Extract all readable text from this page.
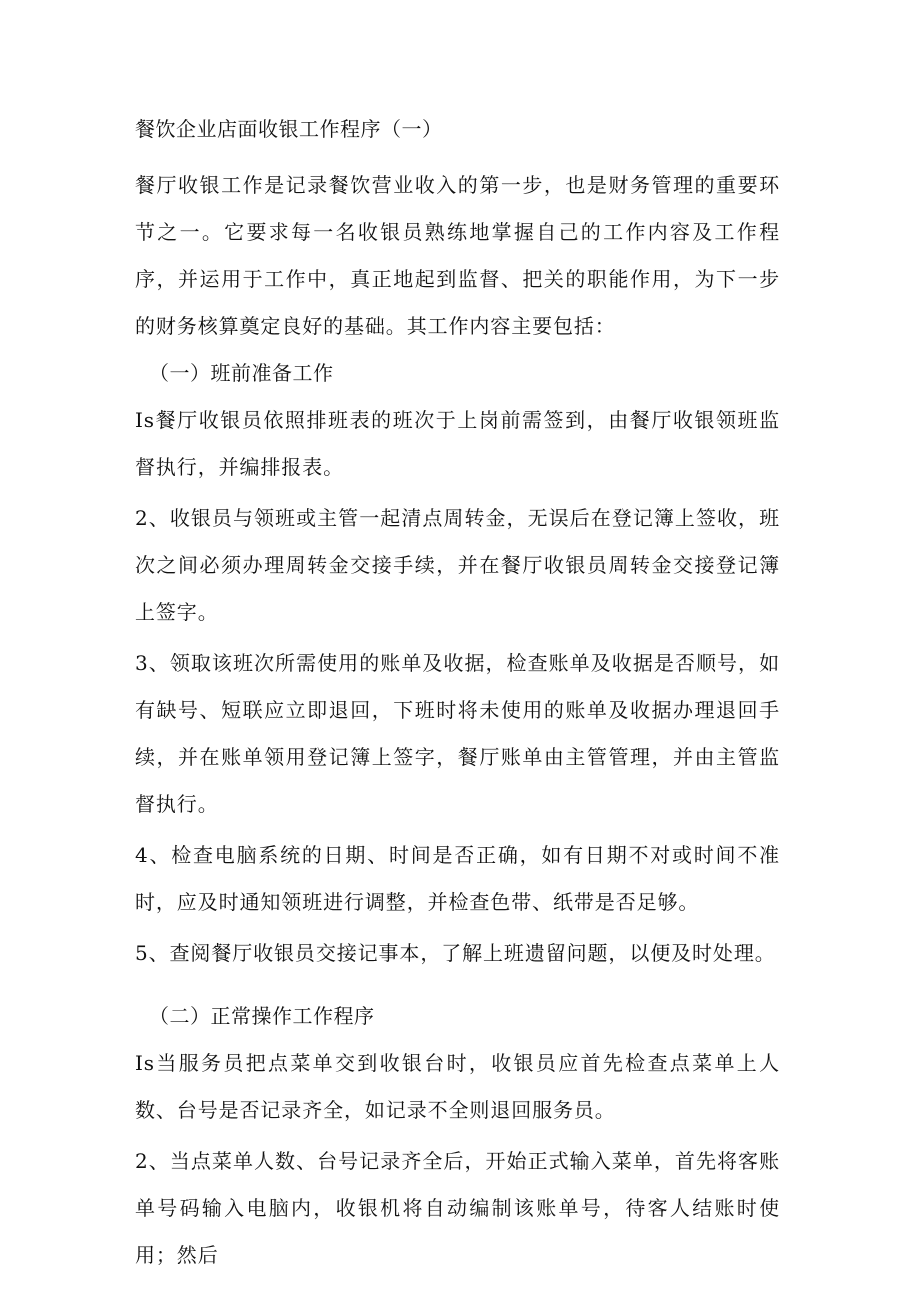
餐饮企业店面收银工作程序（一）

餐厅收银工作是记录餐饮营业收入的第一步，也是财务管理的重要环节之一。它要求每一名收银员熟练地掌握自己的工作内容及工作程序，并运用于工作中，真正地起到监督、把关的职能作用，为下一步的财务核算奠定良好的基础。其工作内容主要包括：

（一）班前准备工作

Is餐厅收银员依照排班表的班次于上岗前需签到，由餐厅收银领班监督执行，并编排报表。

2、收银员与领班或主管一起清点周转金，无误后在登记簿上签收，班次之间必须办理周转金交接手续，并在餐厅收银员周转金交接登记簿上签字。

3、领取该班次所需使用的账单及收据，检查账单及收据是否顺号，如有缺号、短联应立即退回，下班时将未使用的账单及收据办理退回手续，并在账单领用登记簿上签字，餐厅账单由主管管理，并由主管监督执行。

4、检查电脑系统的日期、时间是否正确，如有日期不对或时间不准时，应及时通知领班进行调整，并检查色带、纸带是否足够。

5、查阅餐厅收银员交接记事本，了解上班遗留问题，以便及时处理。

（二）正常操作工作程序

Is当服务员把点菜单交到收银台时，收银员应首先检查点菜单上人数、台号是否记录齐全，如记录不全则退回服务员。

2、当点菜单人数、台号记录齐全后，开始正式输入菜单，首先将客账单号码输入电脑内，收银机将自动编制该账单号，待客人结账时使用；然后
